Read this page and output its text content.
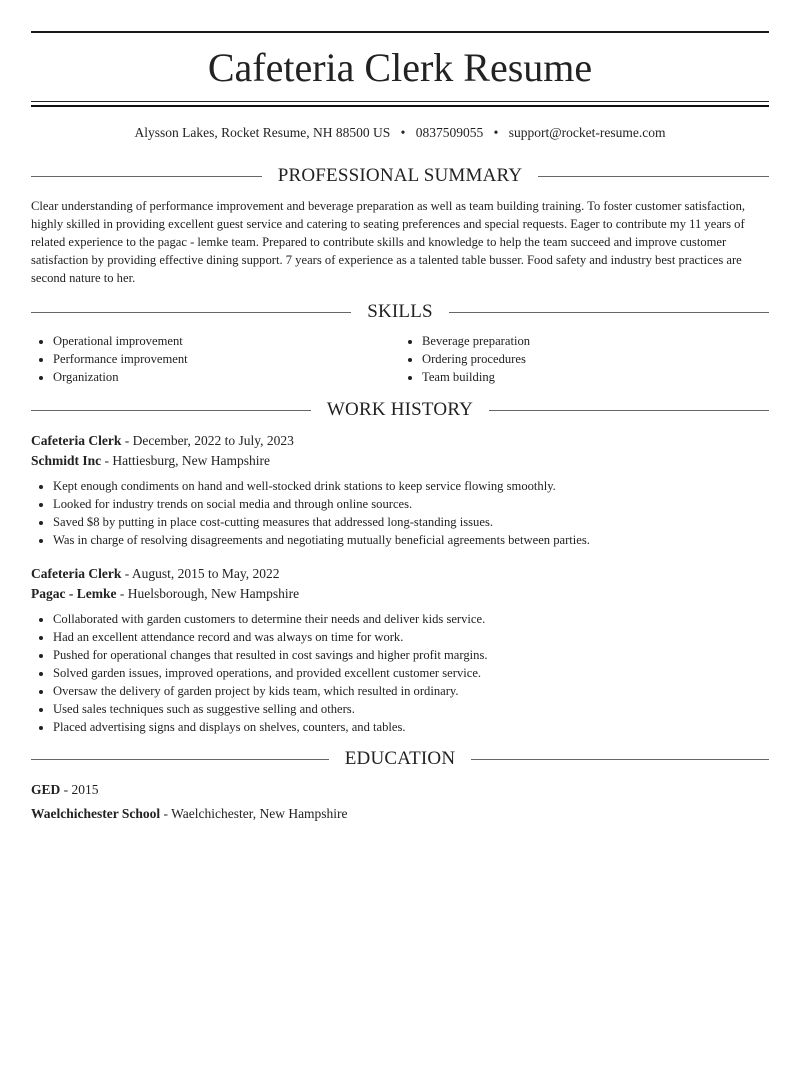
Cafeteria Clerk Resume
Alysson Lakes, Rocket Resume, NH 88500 US • 0837509055 • support@rocket-resume.com
PROFESSIONAL SUMMARY

Clear understanding of performance improvement and beverage preparation as well as team building training. To foster customer satisfaction, highly skilled in providing excellent guest service and catering to seating preferences and special requests. Eager to contribute my 11 years of related experience to the pagac - lemke team. Prepared to contribute skills and knowledge to help the team succeed and improve customer satisfaction by providing effective dining support. 7 years of experience as a talented table busser. Food safety and industry best practices are second nature to her.

SKILLS
• Operational improvement
• Performance improvement
• Organization
• Beverage preparation
• Ordering procedures
• Team building
WORK HISTORY
Cafeteria Clerk - December, 2022 to July, 2023
Schmidt Inc - Hattiesburg, New Hampshire
• Kept enough condiments on hand and well-stocked drink stations to keep service flowing smoothly.
• Looked for industry trends on social media and through online sources.
• Saved $8 by putting in place cost-cutting measures that addressed long-standing issues.
• Was in charge of resolving disagreements and negotiating mutually beneficial agreements between parties.
Cafeteria Clerk - August, 2015 to May, 2022
Pagac - Lemke - Huelsborough, New Hampshire
• Collaborated with garden customers to determine their needs and deliver kids service.
• Had an excellent attendance record and was always on time for work.
• Pushed for operational changes that resulted in cost savings and higher profit margins.
• Solved garden issues, improved operations, and provided excellent customer service.
• Oversaw the delivery of garden project by kids team, which resulted in ordinary.
• Used sales techniques such as suggestive selling and others.
• Placed advertising signs and displays on shelves, counters, and tables.
EDUCATION
GED - 2015
Waelchichester School - Waelchichester, New Hampshire
